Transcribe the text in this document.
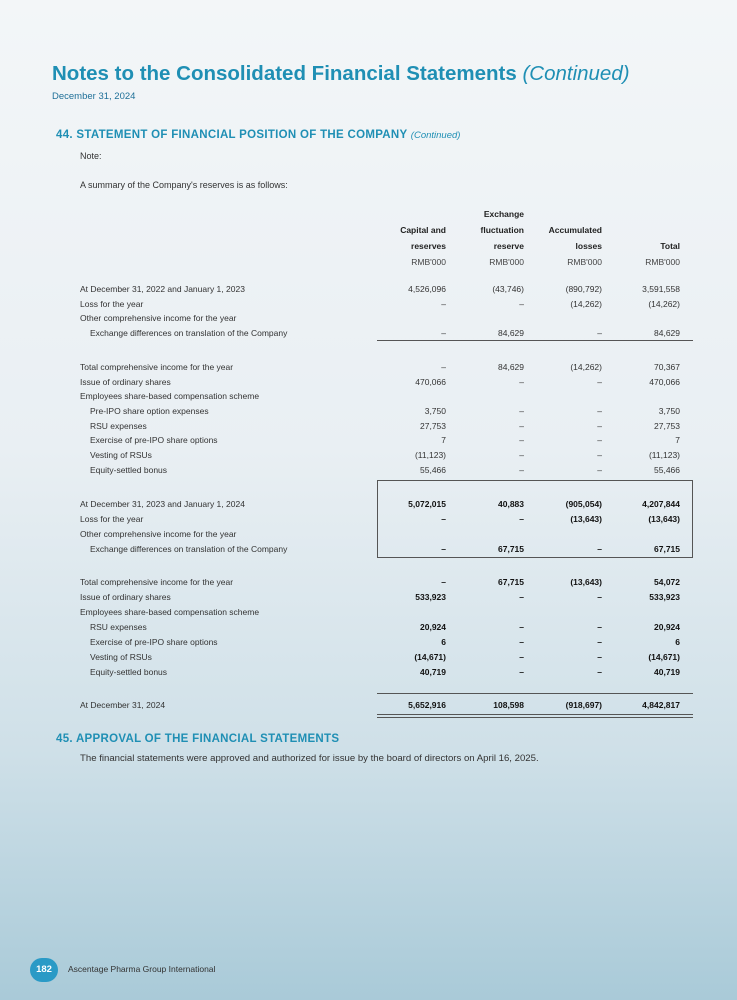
Notes to the Consolidated Financial Statements (Continued)
December 31, 2024
44. STATEMENT OF FINANCIAL POSITION OF THE COMPANY (Continued)
Note:
A summary of the Company's reserves is as follows:

Capital and
reserves
RMB'000
Exchange
fluctuation
reserve
RMB'000

Accumulated
losses
RMB'000

Total
RMB'000
At December 31, 2022 and January 1, 2023	4,526,096	(43,746)	(890,792)	3,591,558
Loss for the year	–	–	(14,262)	(14,262)
Other comprehensive income for the year
Exchange differences on translation of the Company	–	84,629	–	84,629
Total comprehensive income for the year	–	84,629	(14,262)	70,367
Issue of ordinary shares	470,066	–	–	470,066
Employees share-based compensation scheme
Pre-IPO share option expenses	3,750	–	–	3,750
RSU expenses	27,753	–	–	27,753
Exercise of pre-IPO share options	7	–	–	7
Vesting of RSUs	(11,123)	–	–	(11,123)
Equity-settled bonus	55,466	–	–	55,466
At December 31, 2023 and January 1, 2024	5,072,015	40,883	(905,054)	4,207,844
Loss for the year	–	–	(13,643)	(13,643)
Other comprehensive income for the year
Exchange differences on translation of the Company	–	67,715	–	67,715
Total comprehensive income for the year	–	67,715	(13,643)	54,072
Issue of ordinary shares	533,923	–	–	533,923
Employees share-based compensation scheme
RSU expenses	20,924	–	–	20,924
Exercise of pre-IPO share options	6	–	–	6
Vesting of RSUs	(14,671)	–	–	(14,671)
Equity-settled bonus	40,719	–	–	40,719
At December 31, 2024	5,652,916	108,598	(918,697)	4,842,817
45. APPROVAL OF THE FINANCIAL STATEMENTS
The financial statements were approved and authorized for issue by the board of directors on April 16, 2025.
182	Ascentage Pharma Group International
